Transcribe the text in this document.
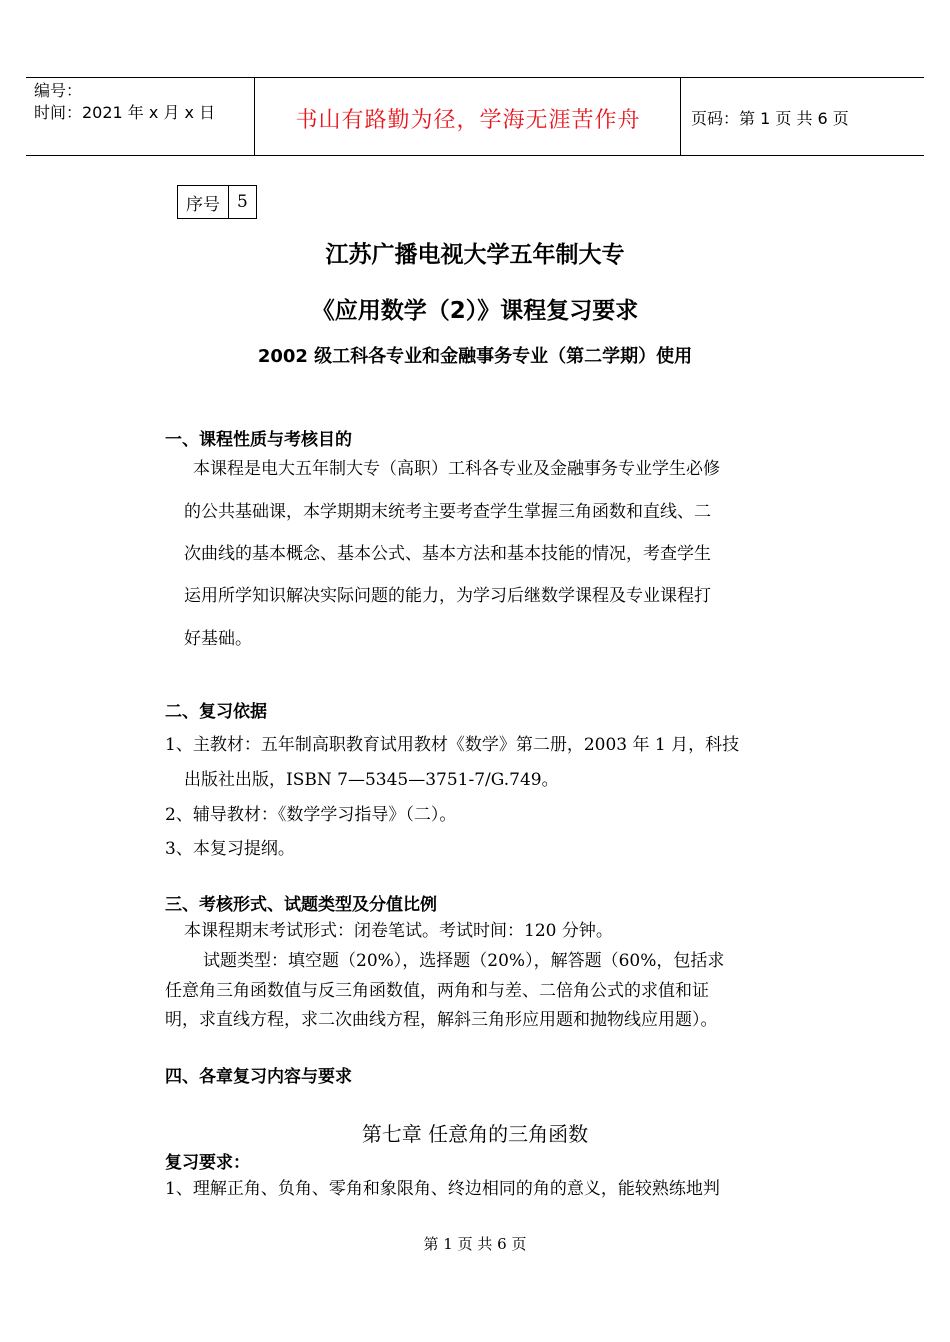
编号：
时间：2021 年 x 月 x 日	书山有路勤为径，学海无涯苦作舟	页码：第 1 页 共 6 页
序号	5
江苏广播电视大学五年制大专
《应用数学（2）》课程复习要求
2002 级工科各专业和金融事务专业（第二学期）使用
一、课程性质与考核目的
本课程是电大五年制大专（高职）工科各专业及金融事务专业学生必修
的公共基础课，本学期期末统考主要考查学生掌握三角函数和直线、二
次曲线的基本概念、基本公式、基本方法和基本技能的情况，考查学生
运用所学知识解决实际问题的能力，为学习后继数学课程及专业课程打
好基础。
二、复习依据
1、主教材：五年制高职教育试用教材《数学》第二册，2003 年 1 月，科技
出版社出版，ISBN 7—5345—3751-7/G.749。
2、辅导教材：《数学学习指导》（二）。
3、本复习提纲。
三、考核形式、试题类型及分值比例
本课程期末考试形式：闭卷笔试。考试时间：120 分钟。
试题类型：填空题（20%），选择题（20%），解答题（60%，包括求
任意角三角函数值与反三角函数值，两角和与差、二倍角公式的求值和证
明，求直线方程，求二次曲线方程，解斜三角形应用题和抛物线应用题）。
四、各章复习内容与要求
第七章 任意角的三角函数
复习要求：
1、理解正角、负角、零角和象限角、终边相同的角的意义，能较熟练地判
第 1 页 共 6 页
